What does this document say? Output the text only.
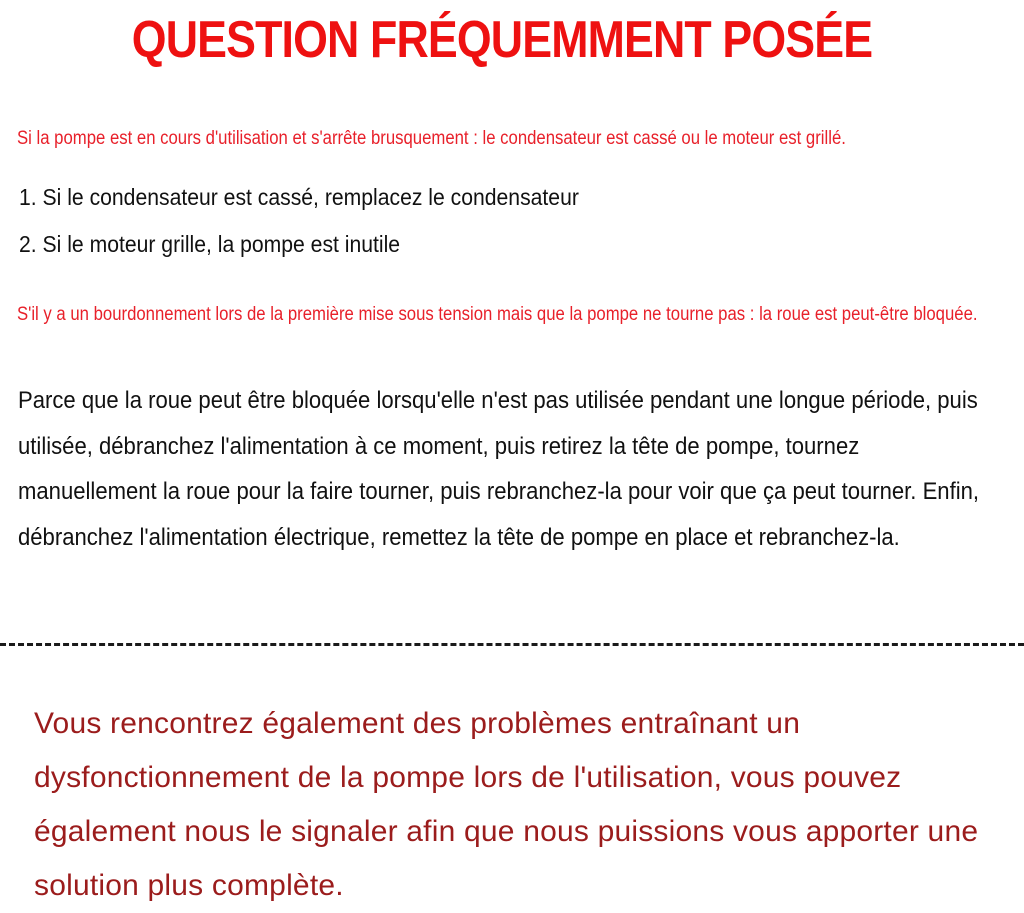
QUESTION FRÉQUEMMENT POSÉE

Si la pompe est en cours d'utilisation et s'arrête brusquement : le condensateur est cassé ou le moteur est grillé.

1. Si le condensateur est cassé, remplacez le condensateur
2. Si le moteur grille, la pompe est inutile

S'il y a un bourdonnement lors de la première mise sous tension mais que la pompe ne tourne pas : la roue est peut-être bloquée.

Parce que la roue peut être bloquée lorsqu'elle n'est pas utilisée pendant une longue période, puis utilisée, débranchez l'alimentation à ce moment, puis retirez la tête de pompe, tournez manuellement la roue pour la faire tourner, puis rebranchez-la pour voir que ça peut tourner. Enfin, débranchez l'alimentation électrique, remettez la tête de pompe en place et rebranchez-la.

Vous rencontrez également des problèmes entraînant un dysfonctionnement de la pompe lors de l'utilisation, vous pouvez également nous le signaler afin que nous puissions vous apporter une solution plus complète.
